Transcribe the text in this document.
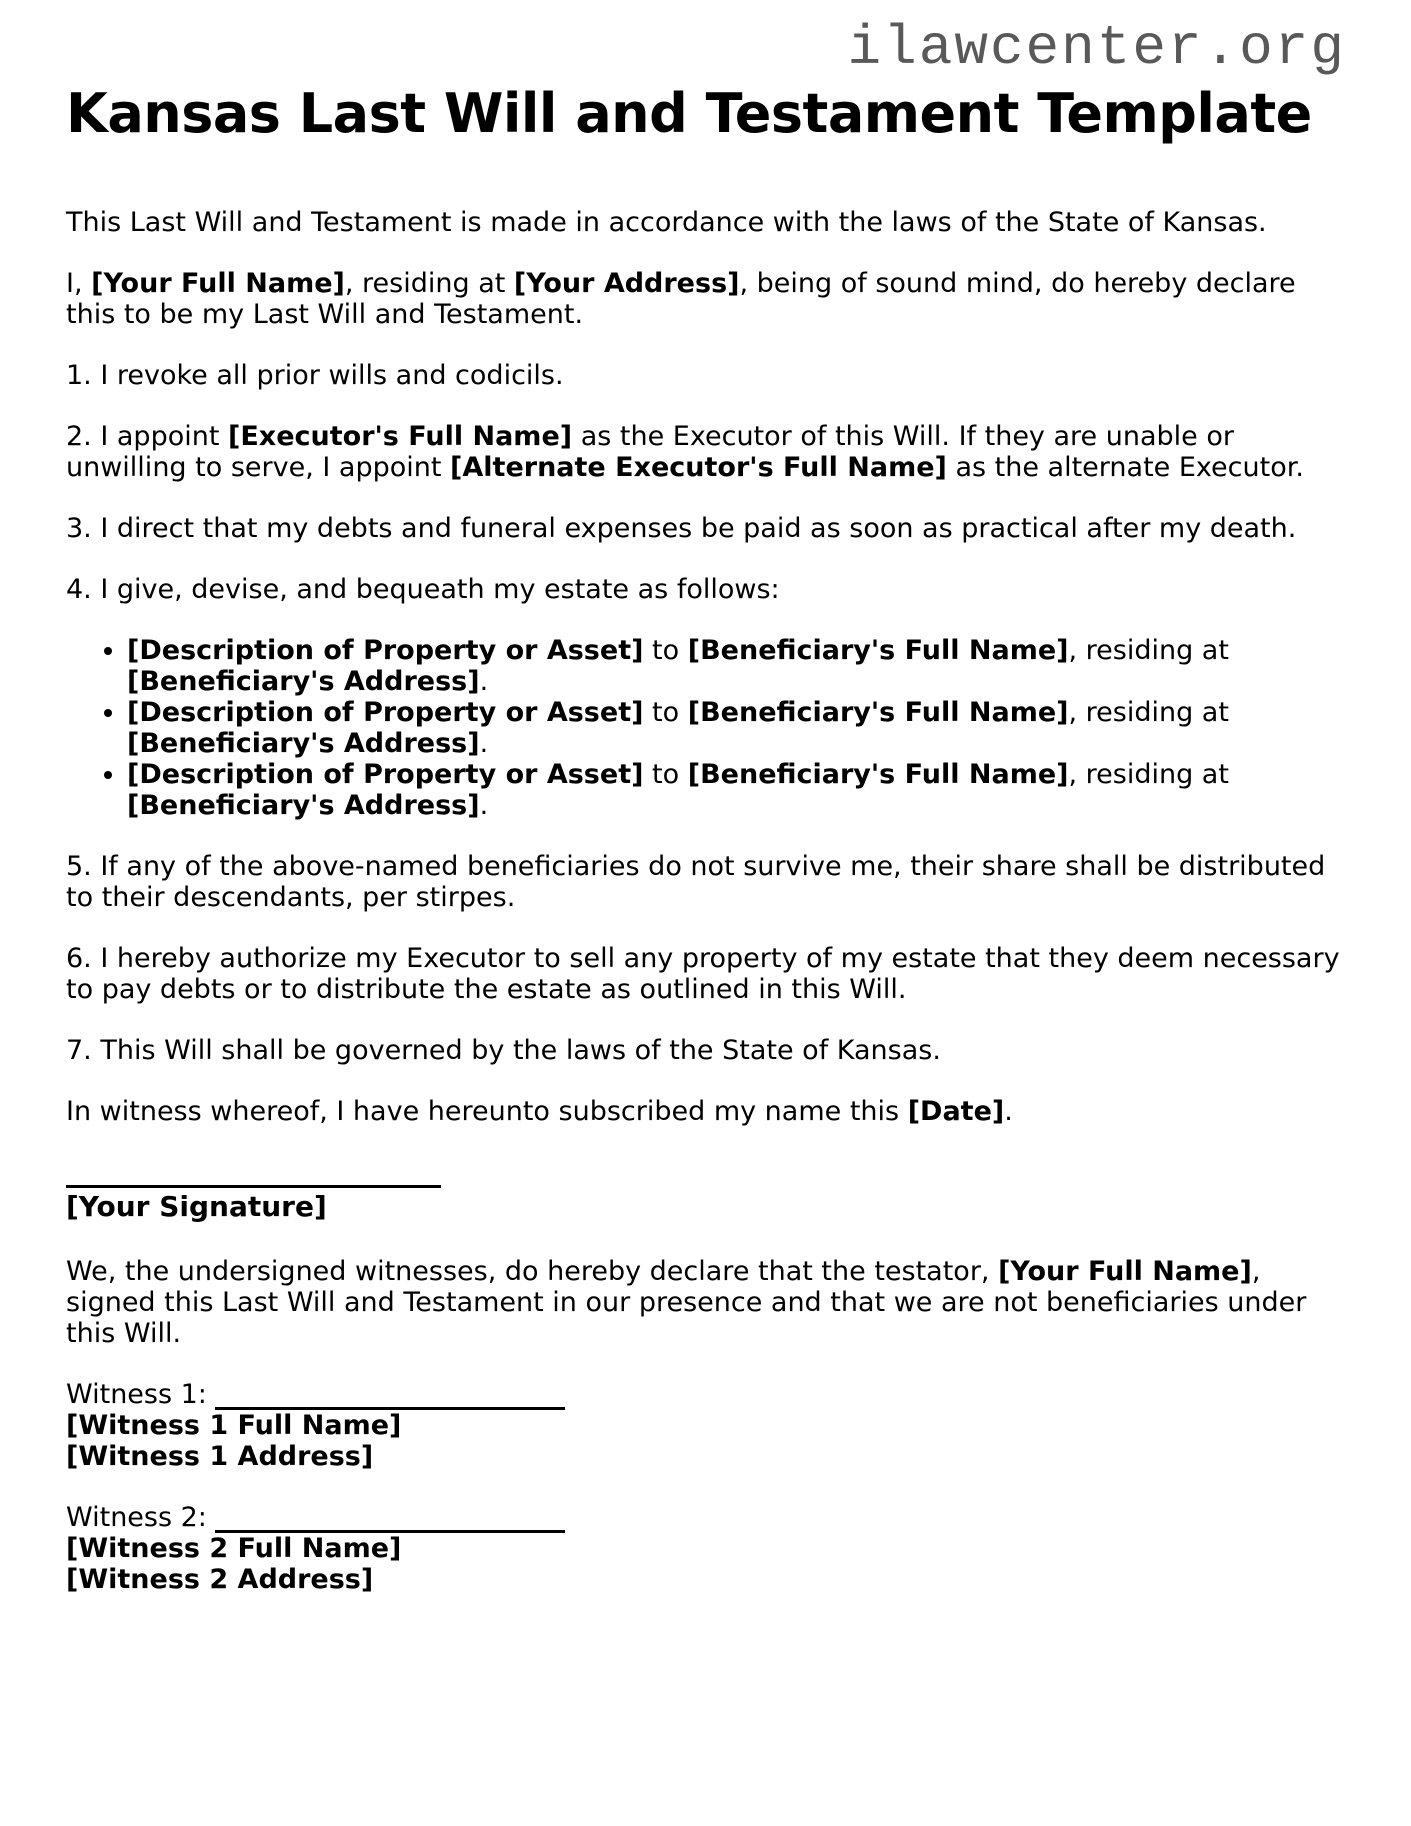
ilawcenter.org
Kansas Last Will and Testament Template

This Last Will and Testament is made in accordance with the laws of the State of Kansas.

I, [Your Full Name], residing at [Your Address], being of sound mind, do hereby declare this to be my Last Will and Testament.

1. I revoke all prior wills and codicils.

2. I appoint [Executor's Full Name] as the Executor of this Will. If they are unable or unwilling to serve, I appoint [Alternate Executor's Full Name] as the alternate Executor.

3. I direct that my debts and funeral expenses be paid as soon as practical after my death.

4. I give, devise, and bequeath my estate as follows:

• [Description of Property or Asset] to [Beneficiary's Full Name], residing at [Beneficiary's Address].
• [Description of Property or Asset] to [Beneficiary's Full Name], residing at [Beneficiary's Address].
• [Description of Property or Asset] to [Beneficiary's Full Name], residing at [Beneficiary's Address].

5. If any of the above-named beneficiaries do not survive me, their share shall be distributed to their descendants, per stirpes.

6. I hereby authorize my Executor to sell any property of my estate that they deem necessary to pay debts or to distribute the estate as outlined in this Will.

7. This Will shall be governed by the laws of the State of Kansas.

In witness whereof, I have hereunto subscribed my name this [Date].

[Your Signature]

We, the undersigned witnesses, do hereby declare that the testator, [Your Full Name], signed this Last Will and Testament in our presence and that we are not beneficiaries under this Will.

Witness 1:
[Witness 1 Full Name]
[Witness 1 Address]
Witness 2:
[Witness 2 Full Name]
[Witness 2 Address]
